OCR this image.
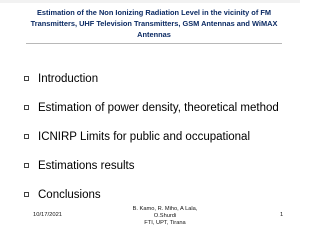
Estimation of the Non Ionizing Radiation Level in the vicinity of FM
Transmitters, UHF Television Transmitters, GSM Antennas and WiMAX
Antennas

Introduction
Estimation of power density, theoretical method
ICNIRP Limits for public and occupational
Estimations results
Conclusions
10/17/2021
B. Kamo, R. Miho, A Lala, O.Shurdi
FTI, UPT, Tirana
1
